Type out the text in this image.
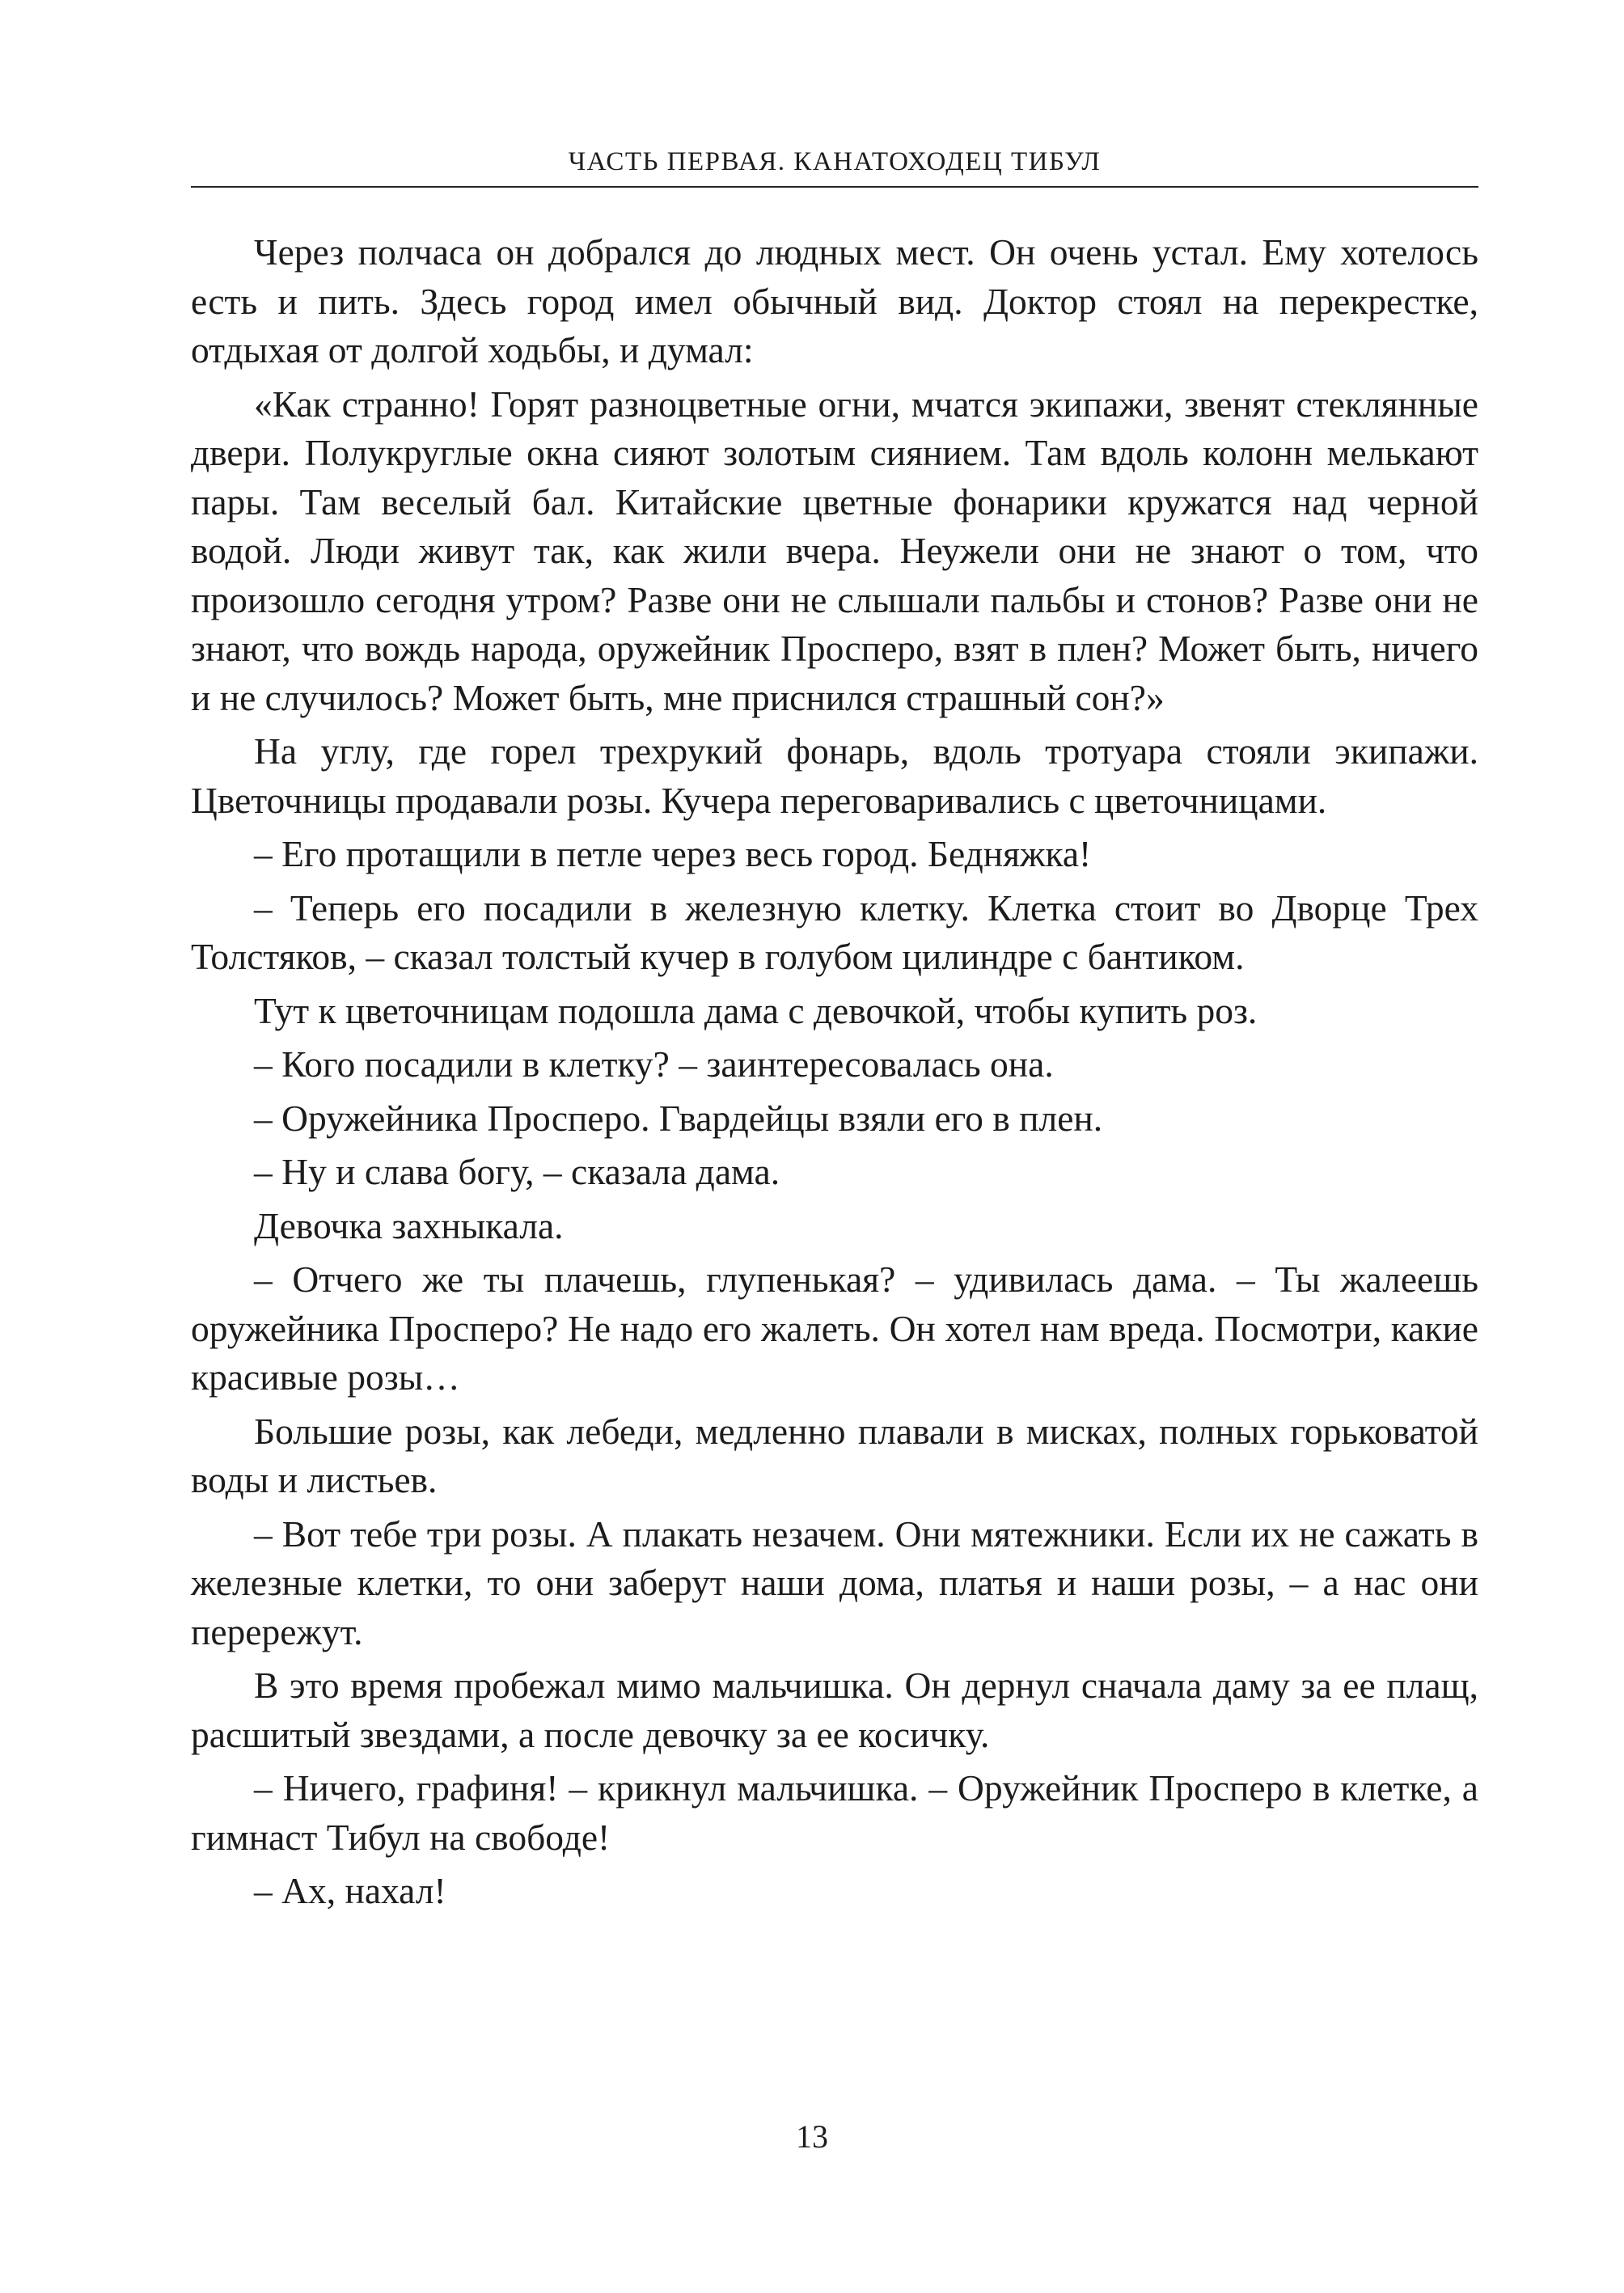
ЧАСТЬ ПЕРВАЯ. КАНАТОХОДЕЦ ТИБУЛ

Через полчаса он добрался до людных мест. Он очень устал. Ему хотелось есть и пить. Здесь город имел обычный вид. Доктор стоял на перекрестке, отдыхая от долгой ходьбы, и думал:

«Как странно! Горят разноцветные огни, мчатся экипажи, звенят стеклянные двери. Полукруглые окна сияют золотым сиянием. Там вдоль колонн мелькают пары. Там веселый бал. Китайские цветные фонарики кружатся над черной водой. Люди живут так, как жили вчера. Неужели они не знают о том, что произошло сегодня утром? Разве они не слышали пальбы и стонов? Разве они не знают, что вождь народа, оружейник Просперо, взят в плен? Может быть, ничего и не случилось? Может быть, мне приснился страшный сон?»

На углу, где горел трехрукий фонарь, вдоль тротуара стояли экипажи. Цветочницы продавали розы. Кучера переговаривались с цветочницами.

– Его протащили в петле через весь город. Бедняжка!

– Теперь его посадили в железную клетку. Клетка стоит во Дворце Трех Толстяков, – сказал толстый кучер в голубом цилиндре с бантиком.

Тут к цветочницам подошла дама с девочкой, чтобы купить роз.

– Кого посадили в клетку? – заинтересовалась она.

– Оружейника Просперо. Гвардейцы взяли его в плен.

– Ну и слава богу, – сказала дама.

Девочка захныкала.

– Отчего же ты плачешь, глупенькая? – удивилась дама. – Ты жалеешь оружейника Просперо? Не надо его жалеть. Он хотел нам вреда. Посмотри, какие красивые розы…

Большие розы, как лебеди, медленно плавали в мисках, полных горьковатой воды и листьев.

– Вот тебе три розы. А плакать незачем. Они мятежники. Если их не сажать в железные клетки, то они заберут наши дома, платья и наши розы, – а нас они перережут.

В это время пробежал мимо мальчишка. Он дернул сначала даму за ее плащ, расшитый звездами, а после девочку за ее косичку.

– Ничего, графиня! – крикнул мальчишка. – Оружейник Просперо в клетке, а гимнаст Тибул на свободе!

– Ах, нахал!

13
